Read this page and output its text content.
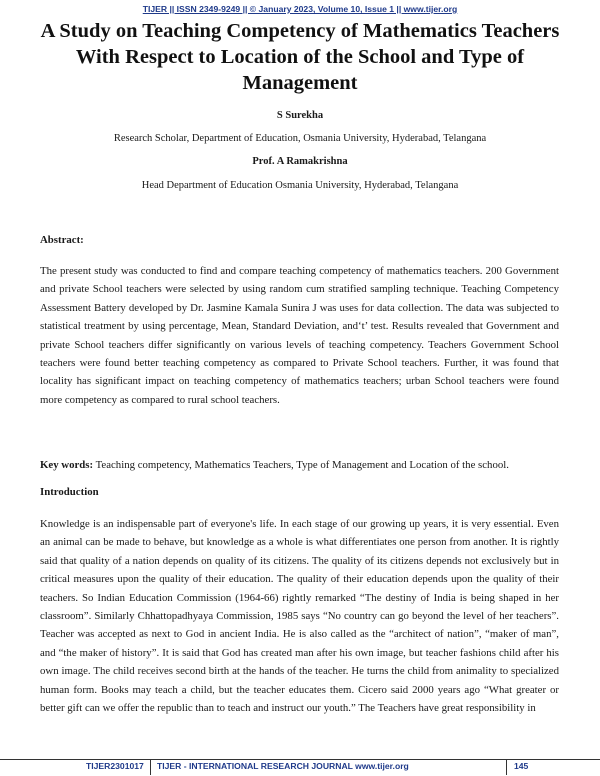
TIJER || ISSN 2349-9249 || © January 2023, Volume 10, Issue 1 || www.tijer.org
A Study on Teaching Competency of Mathematics Teachers With Respect to Location of the School and Type of Management
S Surekha
Research Scholar, Department of Education, Osmania University, Hyderabad, Telangana
Prof. A Ramakrishna
Head Department of Education Osmania University, Hyderabad, Telangana
Abstract:

The present study was conducted to find and compare teaching competency of mathematics teachers. 200 Government and private School teachers were selected by using random cum stratified sampling technique. Teaching Competency Assessment Battery developed by Dr. Jasmine Kamala Sunira J was uses for data collection. The data was subjected to statistical treatment by using percentage, Mean, Standard Deviation, and‘t’ test. Results revealed that Government and private School teachers differ significantly on various levels of teaching competency. Teachers Government School teachers were found better teaching competency as compared to Private School teachers. Further, it was found that locality has significant impact on teaching competency of mathematics teachers; urban School teachers were found more competency as compared to rural school teachers.

Key words: Teaching competency, Mathematics Teachers, Type of Management and Location of the school.

Introduction

Knowledge is an indispensable part of everyone's life. In each stage of our growing up years, it is very essential. Even an animal can be made to behave, but knowledge as a whole is what differentiates one person from another. It is rightly said that quality of a nation depends on quality of its citizens. The quality of its citizens depends not exclusively but in critical measures upon the quality of their education. The quality of their education depends upon the quality of their teachers. So Indian Education Commission (1964-66) rightly remarked “The destiny of India is being shaped in her classroom”. Similarly Chhattopadhyaya Commission, 1985 says “No country can go beyond the level of her teachers”. Teacher was accepted as next to God in ancient India. He is also called as the “architect of nation”, “maker of man”, and “the maker of history”. It is said that God has created man after his own image, but teacher fashions child after his own image. The child receives second birth at the hands of the teacher. He turns the child from animality to specialized human form. Books may teach a child, but the teacher educates them. Cicero said 2000 years ago “What greater or better gift can we offer the republic than to teach and instruct our youth.” The Teachers have great responsibility in

TIJER2301017 TIJER - INTERNATIONAL RESEARCH JOURNAL www.tijer.org	145
